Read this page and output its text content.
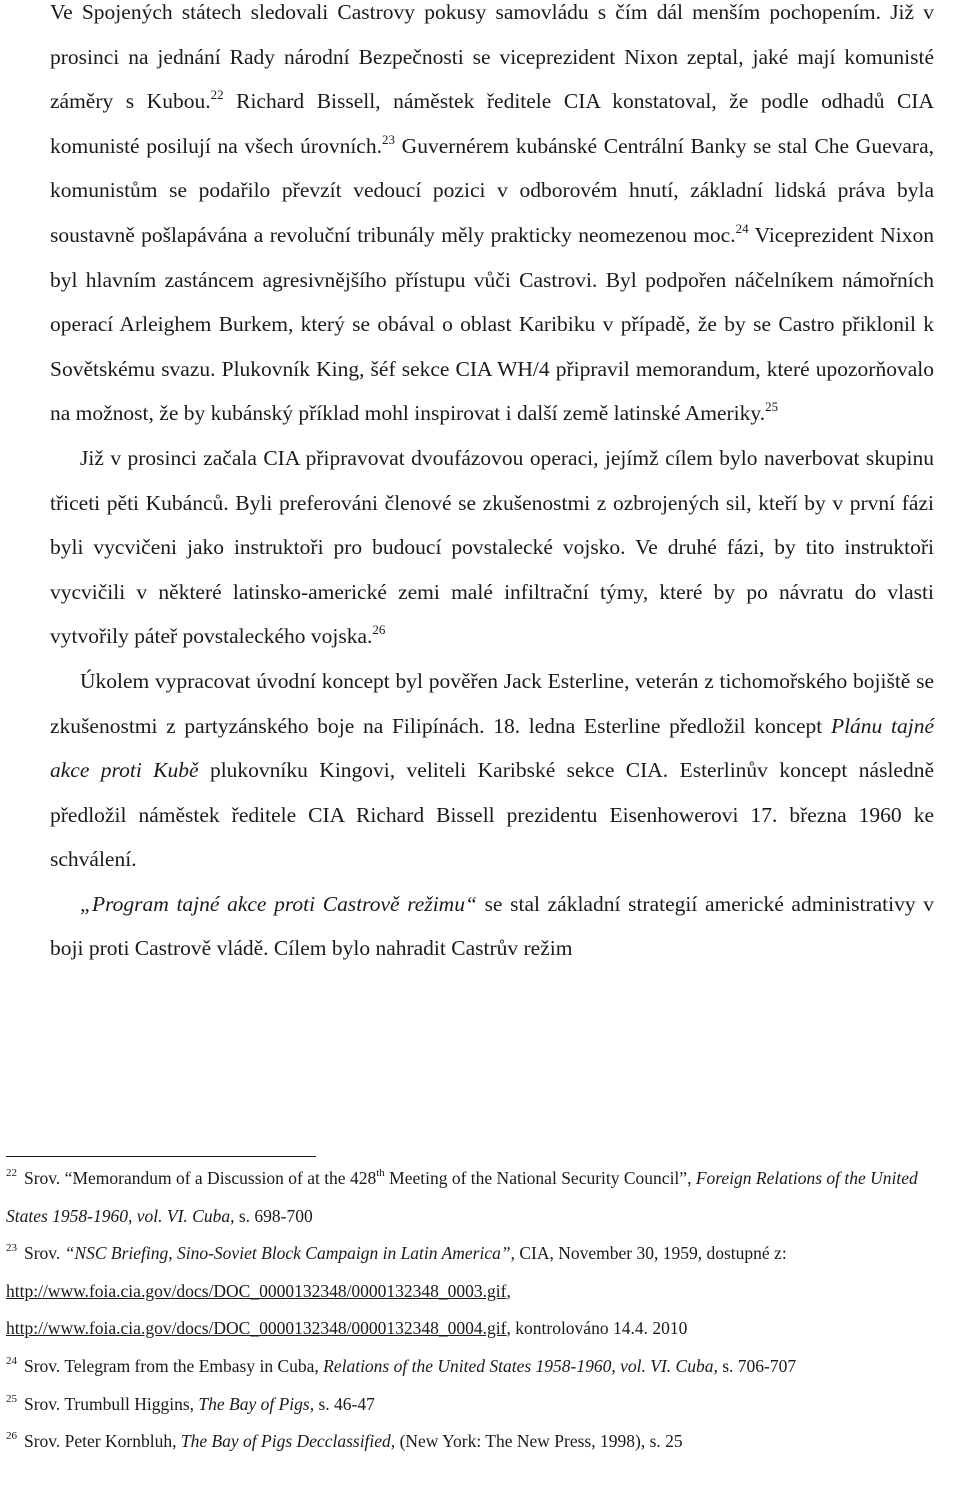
Ve Spojených státech sledovali Castrovy pokusy samovládu s čím dál menším pochopením. Již v prosinci na jednání Rady národní Bezpečnosti se viceprezident Nixon zeptal, jaké mají komunisté záměry s Kubou.$^{22}$ Richard Bissell, náměstek ředitele CIA konstatoval, že podle odhadů CIA komunisté posilují na všech úrovních.$^{23}$ Guvernérem kubánské Centrální Banky se stal Che Guevara, komunistům se podařilo převzít vedoucí pozici v odborovém hnutí, základní lidská práva byla soustavně pošlapávána a revoluční tribunály měly prakticky neomezenou moc.$^{24}$ Viceprezident Nixon byl hlavním zastáncem agresivnějšího přístupu vůči Castrovi. Byl podpořen náčelníkem námořních operací Arleighem Burkem, který se obával o oblast Karibiku v případě, že by se Castro přiklonil k Sovětskému svazu. Plukovník King, šéf sekce CIA WH/4 připravil memorandum, které upozorňovalo na možnost, že by kubánský příklad mohl inspirovat i další země latinské Ameriky.$^{25}$

Již v prosinci začala CIA připravovat dvoufázovou operaci, jejímž cílem bylo naverbovat skupinu třiceti pěti Kubánců. Byli preferováni členové se zkušenostmi z ozbrojených sil, kteří by v první fázi byli vycvičeni jako instruktoři pro budoucí povstalecké vojsko. Ve druhé fázi, by tito instruktoři vycvičili v některé latinsko-americké zemi malé infiltrační týmy, které by po návratu do vlasti vytvořily páteř povstaleckého vojska.$^{26}$

Úkolem vypracovat úvodní koncept byl pověřen Jack Esterline, veterán z tichomořského bojiště se zkušenostmi z partyzánského boje na Filipínách. 18. ledna Esterline předložil koncept Plánu tajné akce proti Kubě plukovníku Kingovi, veliteli Karibské sekce CIA. Esterlinův koncept následně předložil náměstek ředitele CIA Richard Bissell prezidentu Eisenhowerovi 17. března 1960 ke schválení.

„Program tajné akce proti Castrově režimu“ se stal základní strategií americké administrativy v boji proti Castrově vládě. Cílem bylo nahradit Castrův režim

$^{22}$ Srov. “Memorandum of a Discussion of at the 428th Meeting of the National Security Council”, Foreign Relations of the United States 1958-1960, vol. VI. Cuba, s. 698-700

$^{23}$ Srov. “NSC Briefing, Sino-Soviet Block Campaign in Latin America”, CIA, November 30, 1959, dostupné z: http://www.foia.cia.gov/docs/DOC_0000132348/0000132348_0003.gif, http://www.foia.cia.gov/docs/DOC_0000132348/0000132348_0004.gif, kontrolováno 14.4. 2010

$^{24}$ Srov. Telegram from the Embasy in Cuba, Relations of the United States 1958-1960, vol. VI. Cuba, s. 706-707

$^{25}$ Srov. Trumbull Higgins, The Bay of Pigs, s. 46-47

$^{26}$ Srov. Peter Kornbluh, The Bay of Pigs Decclassified, (New York: The New Press, 1998), s. 25
